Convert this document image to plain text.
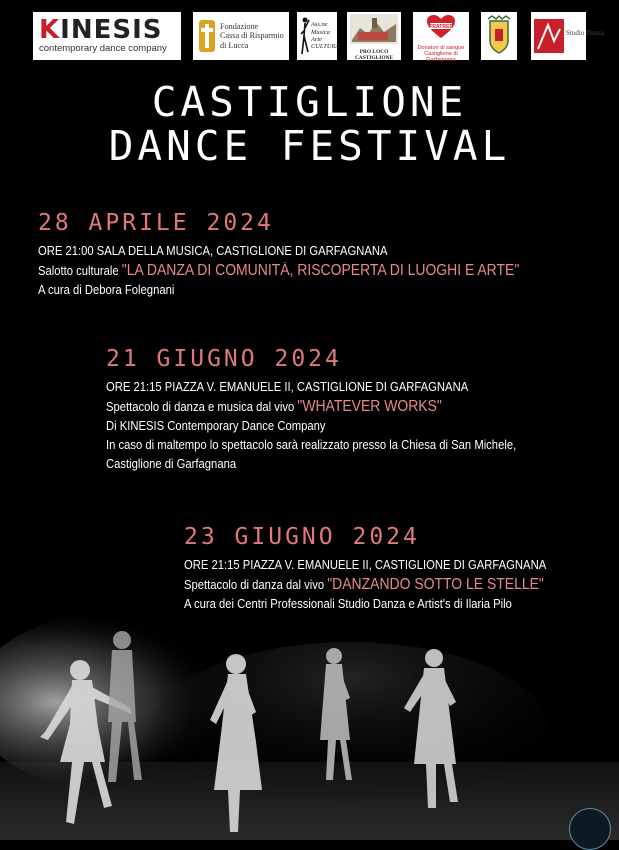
KINESIS
contemporary dance company
Fondazione
Cassa di Risparmio
di Lucca
Ass.ne
Musica
Arte
CULTURA
PRO LOCO
CASTIGLIONE
FRATRES
Donatori di sangue
Castiglione di Garfagnana
Studio Danza
CASTIGLIONE
DANCE FESTIVAL
28 APRILE 2024
ORE 21:00 SALA DELLA MUSICA, CASTIGLIONE DI GARFAGNANA
Salotto culturale "LA DANZA DI COMUNITÀ, RISCOPERTA DI LUOGHI E ARTE"
A cura di Debora Folegnani
21 GIUGNO 2024
ORE 21:15 PIAZZA V. EMANUELE II, CASTIGLIONE DI GARFAGNANA
Spettacolo di danza e musica dal vivo "WHATEVER WORKS"
Di KINESIS Contemporary Dance Company
In caso di maltempo lo spettacolo sarà realizzato presso la Chiesa di San Michele,
Castiglione di Garfagnana
23 GIUGNO 2024
ORE 21:15 PIAZZA V. EMANUELE II, CASTIGLIONE DI GARFAGNANA
Spettacolo di danza dal vivo "DANZANDO SOTTO LE STELLE"
A cura dei Centri Professionali Studio Danza e Artist's di Ilaria Pilo
